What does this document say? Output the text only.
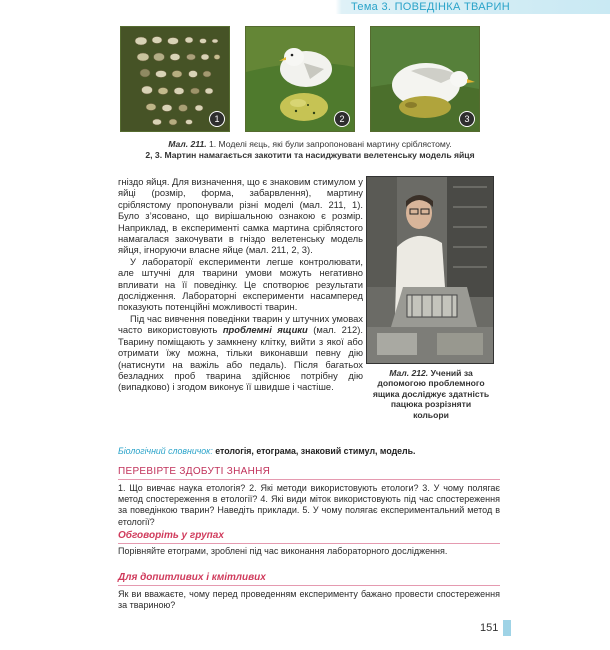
Тема 3. ПОВЕДІНКА ТВАРИН
1	2	3
Мал. 211. 1. Моделі яєць, які були запропоновані мартину сріблястому.
2, 3. Мартин намагається закотити та насиджувати велетенську модель яйця

гніздо яйця. Для визначення, що є знаковим стимулом у яйці (розмір, форма, забарвлення), мартину сріблястому пропонували різні моделі (мал. 211, 1). Було з’ясовано, що вирішальною ознакою є розмір. Наприклад, в експерименті самка мартина сріблястого намагалася закочувати в гніздо велетенську модель яйця, ігноруючи власне яйце (мал. 211, 2, 3).

У лабораторії експерименти легше контролювати, але штучні для тварини умови можуть негативно впливати на її поведінку. Це спотворює результати дослідження. Лабораторні експерименти насамперед показують потенційні можливості тварин.

Під час вивчення поведінки тварин у штучних умовах часто використовують проблемні ящики (мал. 212). Тварину поміщають у замкнену клітку, вийти з якої або отримати їжу можна, тільки виконавши певну дію (натиснути на важіль або педаль). Після багатьох безладних проб тварина здійснює потрібну дію (випадково) і згодом виконує її швидше і частіше.

Мал. 212. Учений за допомогою проблемного ящика досліджує здатність пацюка розрізняти кольори
Біологічний словничок: етологія, етограма, знаковий стимул, модель.
ПЕРЕВІРТЕ ЗДОБУТІ ЗНАННЯ
1. Що вивчає наука етологія? 2. Які методи використовують етологи? 3. У чому полягає метод спостереження в етології? 4. Які види міток використовують під час спостереження за поведінкою тварин? Наведіть приклади. 5. У чому полягає експериментальний метод в етології?
Обговоріть у групах
Порівняйте етограми, зроблені під час виконання лабораторного дослідження.
Для допитливих і кмітливих
Як ви вважаєте, чому перед проведенням експерименту бажано провести спостереження за твариною?
151
